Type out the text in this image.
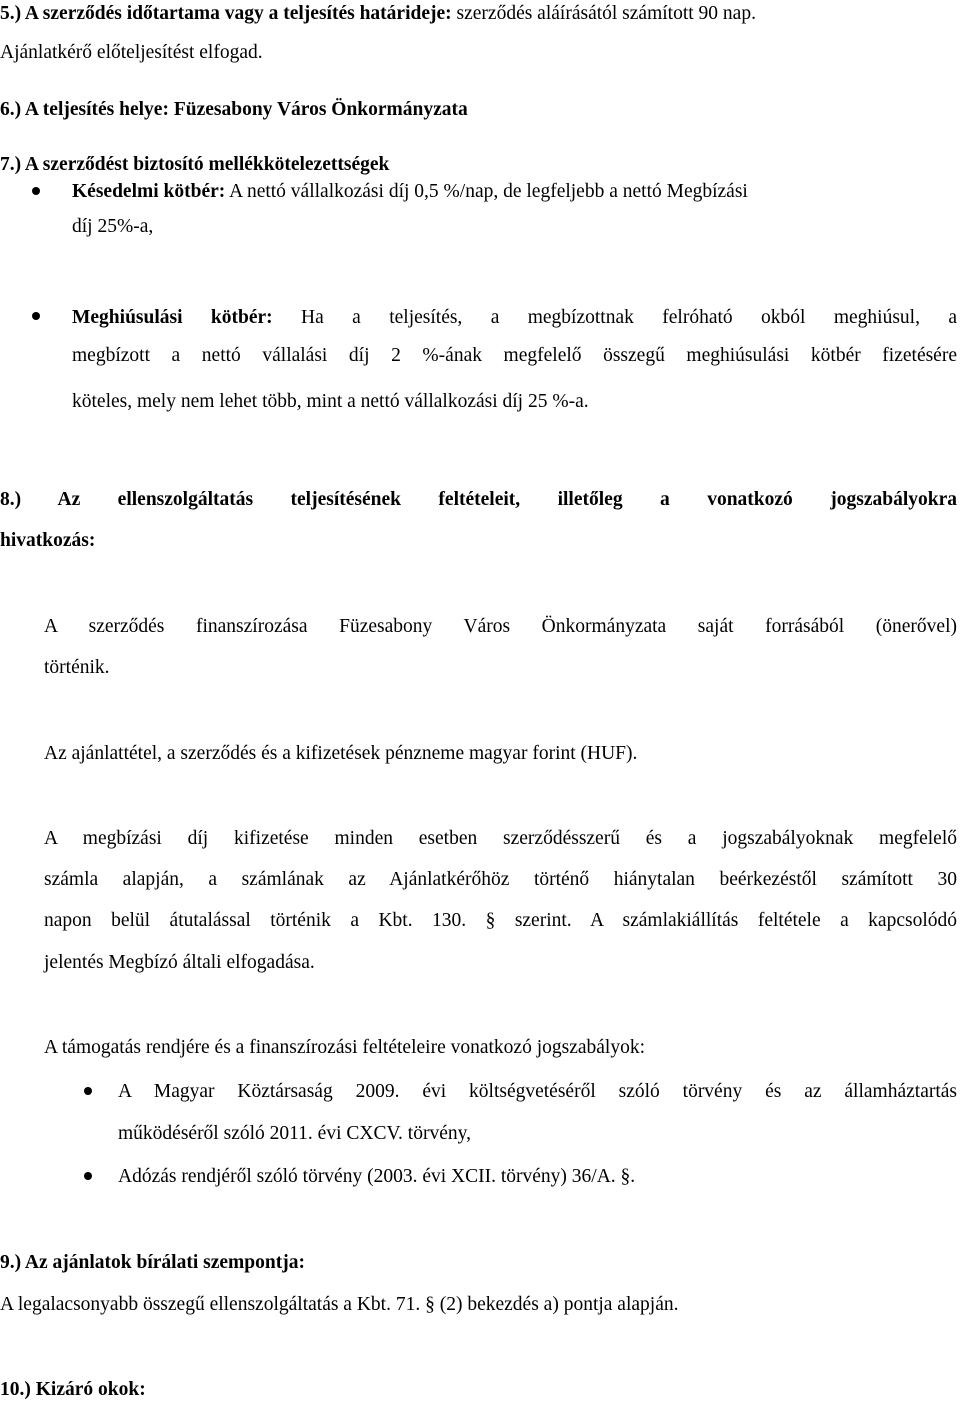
5.) A szerződés időtartama vagy a teljesítés határideje: szerződés aláírásától számított 90 nap.
Ajánlatkérő előteljesítést elfogad.
6.) A teljesítés helye: Füzesabony Város Önkormányzata
7.) A szerződést biztosító mellékkötelezettségek
Késedelmi kötbér: A nettó vállalkozási díj 0,5 %/nap, de legfeljebb a nettó Megbízási
díj 25%-a,
Meghiúsulási kötbér: Ha a teljesítés, a megbízottnak felróható okból meghiúsul, a
megbízott a nettó vállalási díj 2 %-ának megfelelő összegű meghiúsulási kötbér fizetésére
köteles, mely nem lehet több, mint a nettó vállalkozási díj 25 %-a.
8.) Az ellenszolgáltatás teljesítésének feltételeit, illetőleg a vonatkozó jogszabályokra
hivatkozás:
A szerződés finanszírozása Füzesabony Város Önkormányzata saját forrásából (önerővel)
történik.
Az ajánlattétel, a szerződés és a kifizetések pénzneme magyar forint (HUF).
A megbízási díj kifizetése minden esetben szerződésszerű és a jogszabályoknak megfelelő
számla alapján, a számlának az Ajánlatkérőhöz történő hiánytalan beérkezéstől számított 30
napon belül átutalással történik a Kbt. 130. § szerint. A számlakiállítás feltétele a kapcsolódó
jelentés Megbízó általi elfogadása.
A támogatás rendjére és a finanszírozási feltételeire vonatkozó jogszabályok:
A Magyar Köztársaság 2009. évi költségvetéséről szóló törvény és az államháztartás
működéséről szóló 2011. évi CXCV. törvény,
Adózás rendjéről szóló törvény (2003. évi XCII. törvény) 36/A. §.
9.) Az ajánlatok bírálati szempontja:
A legalacsonyabb összegű ellenszolgáltatás a Kbt. 71. § (2) bekezdés a) pontja alapján.
10.) Kizáró okok:
